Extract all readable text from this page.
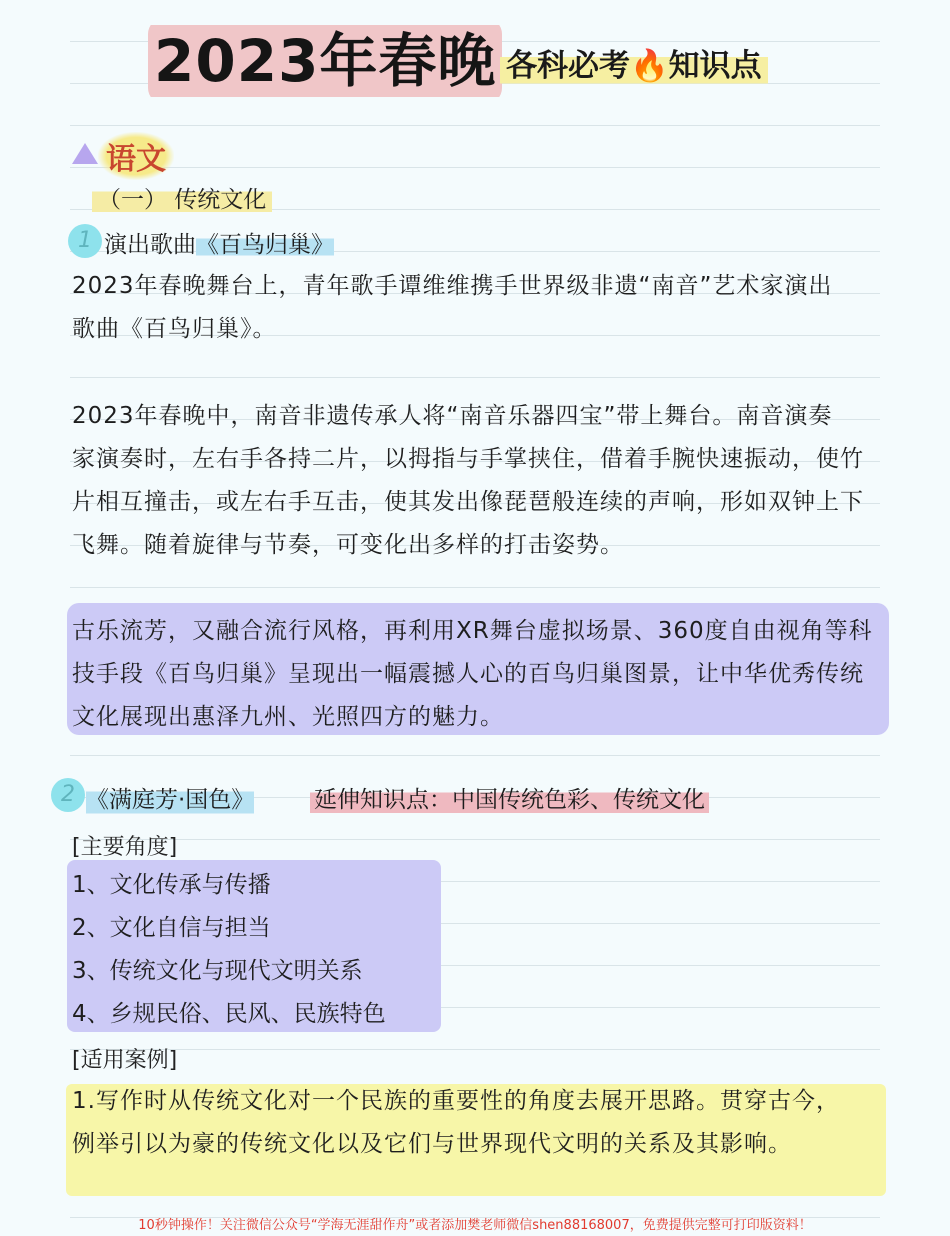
2023年春晚 各科必考🔥知识点
语文
（一） 传统文化
1 演出歌曲《百鸟归巢》
2023年春晚舞台上，青年歌手谭维维携手世界级非遗“南音”艺术家演出
歌曲《百鸟归巢》。
2023年春晚中，南音非遗传承人将“南音乐器四宝”带上舞台。南音演奏
家演奏时，左右手各持二片，以拇指与手掌挟住，借着手腕快速振动，使竹
片相互撞击，或左右手互击，使其发出像琵琶般连续的声响，形如双钟上下
飞舞。随着旋律与节奏，可变化出多样的打击姿势。
古乐流芳，又融合流行风格，再利用XR舞台虚拟场景、360度自由视角等科
技手段《百鸟归巢》呈现出一幅震撼人心的百鸟归巢图景，让中华优秀传统
文化展现出惠泽九州、光照四方的魅力。
2 《满庭芳·国色》	延伸知识点：中国传统色彩、传统文化
[主要角度]
1、文化传承与传播
2、文化自信与担当
3、传统文化与现代文明关系
4、乡规民俗、民风、民族特色
[适用案例]
1.写作时从传统文化对一个民族的重要性的角度去展开思路。贯穿古今，
例举引以为豪的传统文化以及它们与世界现代文明的关系及其影响。
10秒钟操作！关注微信公众号“学海无涯甜作舟”或者添加樊老师微信shen88168007，免费提供完整可打印版资料！
